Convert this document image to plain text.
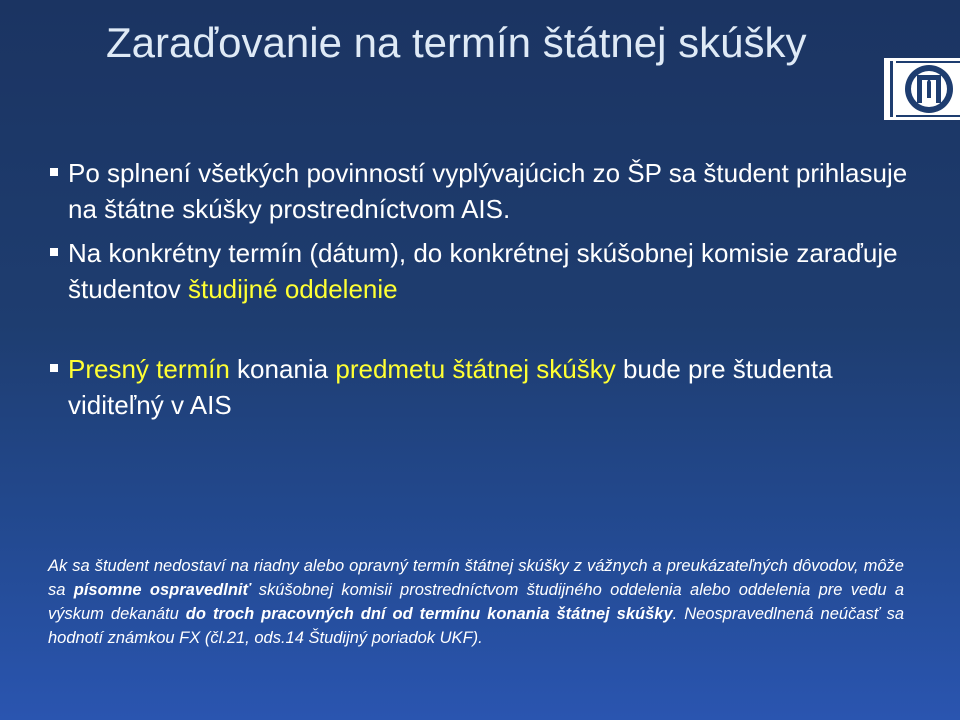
Zaraďovanie na termín štátnej skúšky
Po splnení všetkých povinností vyplývajúcich zo ŠP sa študent prihlasuje na štátne skúšky prostredníctvom AIS.
Na konkrétny termín (dátum), do konkrétnej skúšobnej komisie zaraďuje študentov študijné oddelenie
Presný termín konania predmetu štátnej skúšky bude pre študenta viditeľný v AIS

Ak sa študent nedostaví na riadny alebo opravný termín štátnej skúšky z vážnych a preukázateľných dôvodov, môže sa písomne ospravedlniť skúšobnej komisii prostredníctvom študijného oddelenia alebo oddelenia pre vedu a výskum dekanátu do troch pracovných dní od termínu konania štátnej skúšky. Neospravedlnená neúčasť sa hodnotí známkou FX (čl.21, ods.14 Študijný poriadok UKF).
